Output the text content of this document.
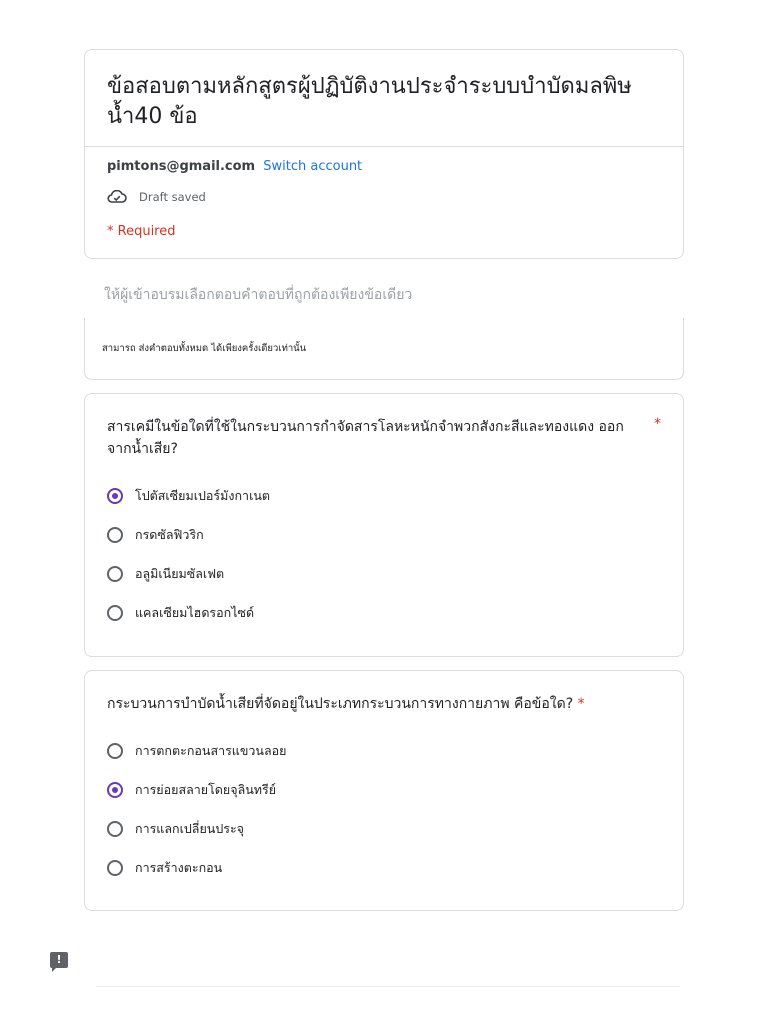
ข้อสอบตามหลักสูตรผู้ปฏิบัติงานประจำระบบบำบัดมลพิษน้ำ40 ข้อ
pimtons@gmail.com Switch account
Draft saved
* Required
ให้ผู้เข้าอบรมเลือกตอบคำตอบที่ถูกต้องเพียงข้อเดียว
สามารถ ส่งคำตอบทั้งหมด ได้เพียงครั้งเดียวเท่านั้น
สารเคมีในข้อใดที่ใช้ในกระบวนการกำจัดสารโลหะหนักจำพวกสังกะสีและทองแดง ออกจากน้ำเสีย?
*
โปตัสเซียมเปอร์มังกาเนต
กรดซัลฟิวริก
อลูมิเนียมซัลเฟต
แคลเซียมไฮดรอกไซด์
กระบวนการบำบัดน้ำเสียที่จัดอยู่ในประเภทกระบวนการทางกายภาพ คือข้อใด? *
การตกตะกอนสารแขวนลอย
การย่อยสลายโดยจุลินทรีย์
การแลกเปลี่ยนประจุ
การสร้างตะกอน
!
